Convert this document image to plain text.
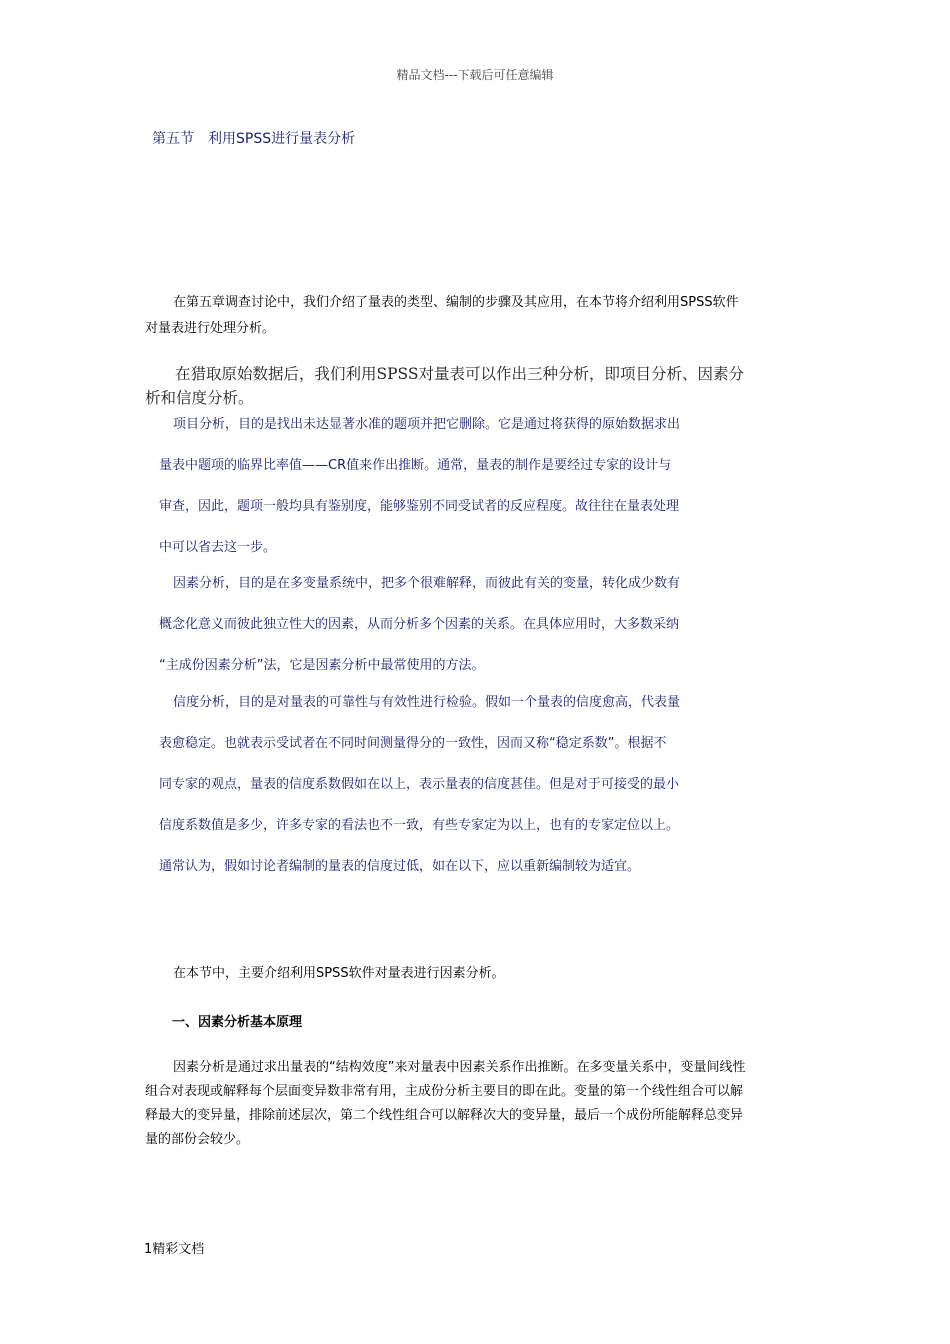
精品文档---下载后可任意编辑
第五节　利用SPSS进行量表分析
在第五章调查讨论中，我们介绍了量表的类型、编制的步骤及其应用，在本节将介绍利用SPSS软件对量表进行处理分析。
在猎取原始数据后，我们利用SPSS对量表可以作出三种分析，即项目分析、因素分析和信度分析。
项目分析，目的是找出未达显著水准的题项并把它删除。它是通过将获得的原始数据求出
量表中题项的临界比率值——CR值来作出推断。通常，量表的制作是要经过专家的设计与
审查，因此，题项一般均具有鉴别度，能够鉴别不同受试者的反应程度。故往往在量表处理
中可以省去这一步。
因素分析，目的是在多变量系统中，把多个很难解释，而彼此有关的变量，转化成少数有
概念化意义而彼此独立性大的因素，从而分析多个因素的关系。在具体应用时，大多数采纳
“主成份因素分析”法，它是因素分析中最常使用的方法。
信度分析，目的是对量表的可靠性与有效性进行检验。假如一个量表的信度愈高，代表量
表愈稳定。也就表示受试者在不同时间测量得分的一致性，因而又称“稳定系数”。根据不
同专家的观点，量表的信度系数假如在以上，表示量表的信度甚佳。但是对于可接受的最小
信度系数值是多少，许多专家的看法也不一致，有些专家定为以上，也有的专家定位以上。
通常认为，假如讨论者编制的量表的信度过低，如在以下，应以重新编制较为适宜。
在本节中，主要介绍利用SPSS软件对量表进行因素分析。
一、因素分析基本原理
因素分析是通过求出量表的“结构效度”来对量表中因素关系作出推断。在多变量关系中，变量间线性组合对表现或解释每个层面变异数非常有用，主成份分析主要目的即在此。变量的第一个线性组合可以解释最大的变异量，排除前述层次，第二个线性组合可以解释次大的变异量，最后一个成份所能解释总变异量的部份会较少。
1精彩文档
